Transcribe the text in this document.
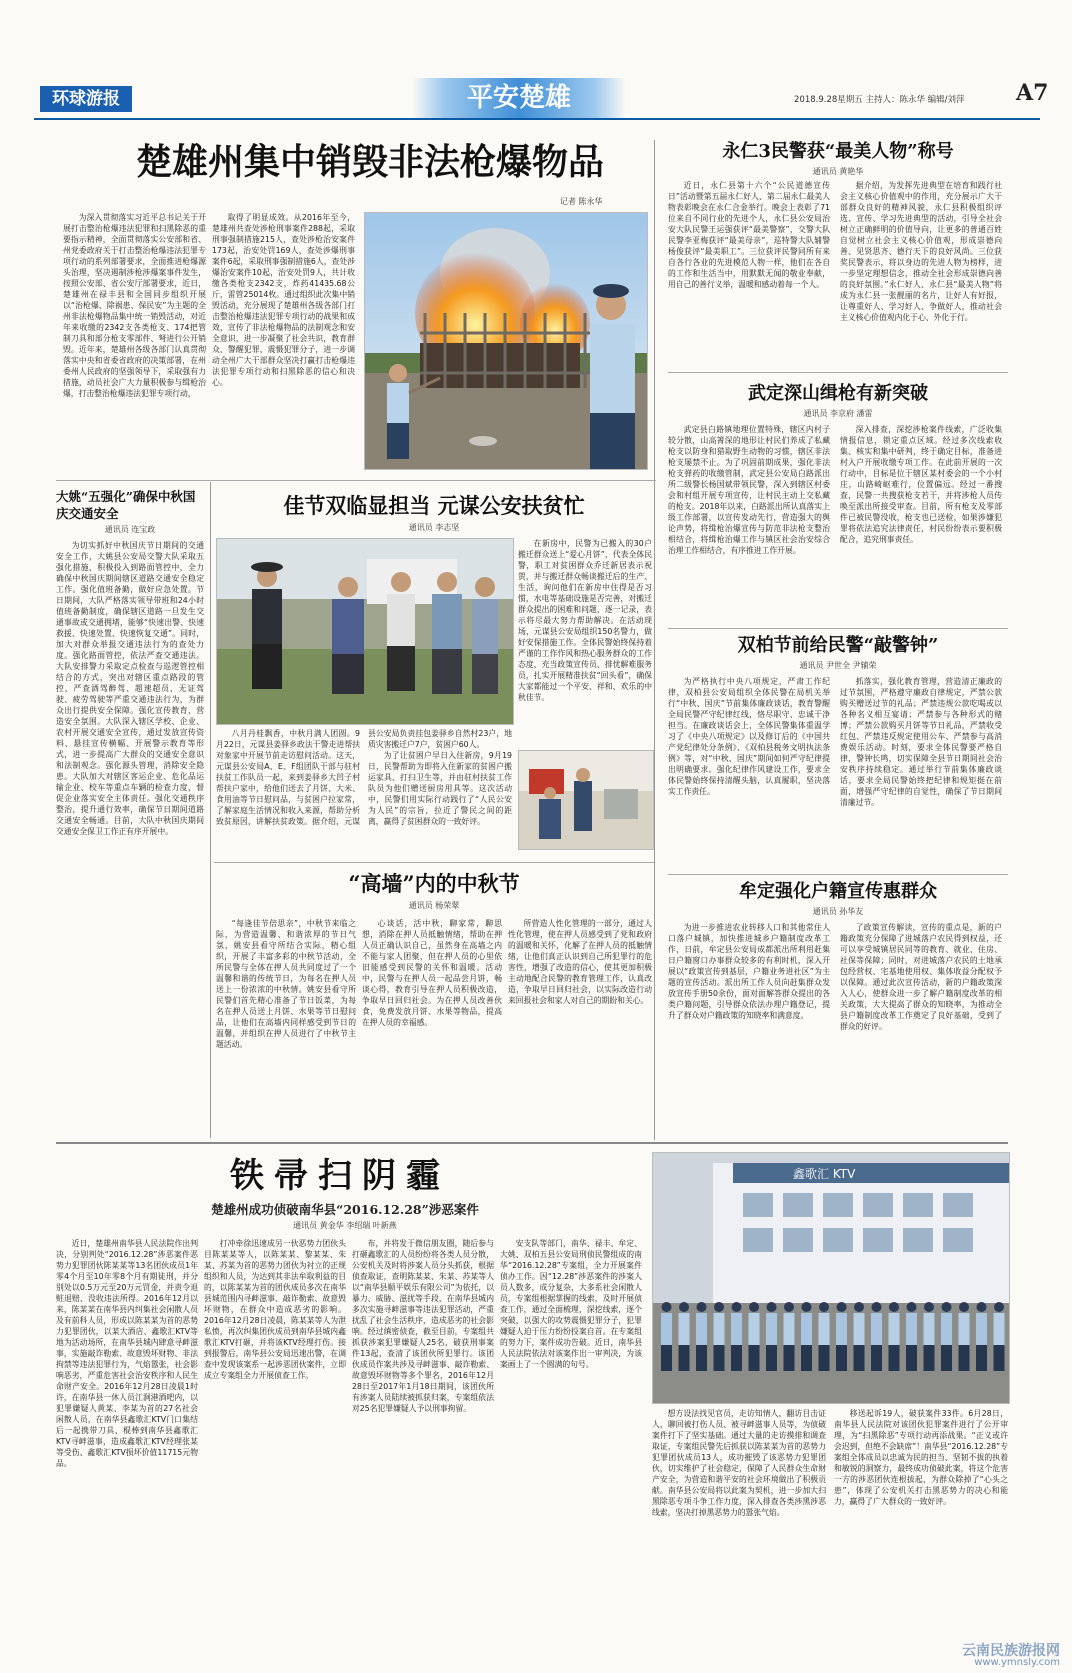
环球游报	平安楚雄	2018.9.28星期五 主持人：陈永华 编辑/刘萍	A7
楚雄州集中销毁非法枪爆物品
记者 陈永华

为深入贯彻落实习近平总书记关于开展打击整治枪爆违法犯罪和扫黑除恶的重要指示精神，全面贯彻落实公安部和省、州党委政府关于打击整治枪爆违法犯罪专项行动的系列部署要求，全面推进枪爆源头治理，坚决遏制涉枪涉爆案事件发生，按照公安部、省公安厅部署要求，近日，楚雄州在禄丰县和全国同步组织开展以“治枪爆、除祸患、保民安”为主题的全州非法枪爆物品集中统一销毁活动，对近年来收缴的2342支各类枪支、174把管制刀具和部分枪支零部件、弩进行公开销毁。近年来，楚雄州各级各部门认真贯彻落实中央和省委省政府的决策部署，在州委州人民政府的坚强领导下，采取强有力措施，动员社会广大力量积极参与缉枪治爆，打击整治枪爆违法犯罪专项行动，

取得了明显成效。从2016年至今，楚雄州共查处涉枪刑事案件288起，采取刑事强制措施215人，查处涉枪治安案件173起，治安处罚169人，查处涉爆刑事案件6起，采取刑事强制措施6人，查处涉爆治安案件10起，治安处罚9人，共计收缴各类枪支2342支，炸药41435.68公斤，雷管25014枚。通过组织此次集中销毁活动，充分展现了楚雄州各级各部门打击整治枪爆违法犯罪专项行动的战果和成效，宣传了非法枪爆物品的法制观念和安全意识，进一步凝聚了社会共识，教育群众、警醒犯罪，震慑犯罪分子，进一步调动全州广大干部群众坚决打赢打击枪爆违法犯罪专项行动和扫黑除恶的信心和决心。

永仁3民警获“最美人物”称号
通讯员 黄艳华

近日，永仁县第十六个“公民道德宣传日”活动暨第五届永仁好人、第二届永仁最美人物表彰晚会在永仁合金举行。晚会上表彰了71位来自不同行业的先进个人，永仁县公安局治安大队民警王运强获评“最美警察”，交警大队民警李亚梅获评“最美母亲”，巡特警大队辅警杨俊获评“最美职工”。三位获评民警同所有来自各行各业的先进模范人物一样，他们在各自的工作和生活当中，用默默无闻的敬业奉献，用自己的善行义举，温暖和感动着每一个人。

据介绍，为发挥先进典型在培育和践行社会主义核心价值观中的作用，充分展示广大干部群众良好的精神风貌，永仁县积极组织评选、宣传、学习先进典型的活动，引导全社会树立正确鲜明的价值导向，让更多的普通百姓自觉树立社会主义核心价值观，形成崇德向善、见贤思齐、德行天下的良好风尚。三位获奖民警表示，将以身边的先进人物为榜样，进一步坚定理想信念，推动全社会形成崇德向善的良好氛围。”永仁好人、永仁县“最美人物”将成为永仁县一张靓丽的名片，让好人有好报，让尊重好人、学习好人、争做好人，推动社会主义核心价值观内化于心、外化于行。

武定深山缉枪有新突破
通讯员 李京府 潘雷

武定县白路镇地理位置特殊，辖区内村子较分散，山高箐深的地形让村民们养成了私藏枪支以防身和猎取野生动物的习惯，辖区非法枪支屡禁不止。为了巩固前期成果，强化非法枪支弹药的收缴管制，武定县公安局白路派出所二级警长杨国斌带领民警，深入到辖区村委会和村组开展专项宣传，让村民主动上交私藏的枪支。2018年以来，白路派出所认真落实上级工作部署，以宣传发动先行，营造强大的舆论声势，将缉枪治爆宣传与防范非法枪支整治相结合，将缉枪治爆工作与镇区社会治安综合治理工作相结合，有序推进工作开展。

深入排查，深挖涉枪案件线索，广泛收集情报信息，锁定重点区域。经过多次线索收集、核实和集中研判，终于确定目标，准备进村入户开展收缴专项工作。在此前开展的一次行动中，目标是位于辖区某村委会的一个小村庄，山路崎岖难行，位置偏远。经过一番搜查，民警一共搜获枪支若干，并将涉枪人员传唤至派出所接受审查。目前，所有枪支及零部件已被民警没收，枪支也已送检，如果涉嫌犯罪将依法追究法律责任，村民纷纷表示要积极配合，追究刑事责任。

双柏节前给民警“敲警钟”
通讯员 尹世全 尹辅荣

为严格执行中央八项规定，严肃工作纪律，双柏县公安局组织全体民警在局机关举行“中秋、国庆”节前集体廉政谈话，教育警醒全局民警严守纪律红线，恪尽职守、忠诚干净担当。在廉政谈话会上，全体民警集体重温学习了《中央八项规定》以及修订后的《中国共产党纪律处分条例》、《双柏县税务文明执法条例》等，对“中秋、国庆”期间如何严守纪律提出明确要求。强化纪律作风建设工作，要求全体民警始终保持清醒头脑，认真履职，坚决落实工作责任。

抓落实，强化教育管理，营造清正廉政的过节氛围，严格遵守廉政自律规定，严禁公款购买赠送过节的礼品；严禁违规公款吃喝或以各种名义相互宴请；严禁参与各种形式的赌博；严禁公款购买月饼等节日礼品，严禁收受红包、严禁违反规定使用公车、严禁参与高消费娱乐活动。时刻，要求全体民警要严格自律，警钟长鸣，切实保障全县节日期间社会治安秩序持续稳定。通过举行节前集体廉政谈话，要求全局民警始终把纪律和规矩挺在前面，增强严守纪律的自觉性，确保了节日期间清廉过节。

牟定强化户籍宣传惠群众
通讯员 孙华友

为进一步推进农业转移人口和其他常住人口落户城镇，加快推进城乡户籍制度改革工作，日前，牟定县公安局成都派出所利用赶集日户籍窗口办事群众较多的有利时机，深入开展以“政策宣传到基层，户籍业务进社区”为主题的宣传活动。派出所工作人员向赶集群众发放宣传手册50余份，面对面解答群众提出的各类户籍问题，引导群众依法办理户籍登记，提升了群众对户籍政策的知晓率和满意度。

了政策宣传解读，宣传的重点是，新的户籍政策充分保障了进城落户农民得到权益，还可以享受城镇居民同等的教育、就业、住房、社保等保障；同时，对进城落户农民的土地承包经营权、宅基地使用权、集体收益分配权予以保障。通过此次宣传活动，新的户籍政策深入人心，使群众进一步了解户籍制度改革的相关政策，大大提高了群众的知晓率，为推动全县户籍制度改革工作奠定了良好基础，受到了群众的好评。

大姚“五强化”确保中秋国庆交通安全
通讯员 连宝政

为切实抓好中秋国庆节日期间的交通安全工作，大姚县公安局交警大队采取五强化措施，积极投入到路面管控中，全力确保中秋国庆期间辖区道路交通安全稳定工作。强化值班备勤，做好应急处置。节日期间，大队严格落实领导带班和24小时值班备勤制度，确保辖区道路一旦发生交通事故或交通拥堵，能够“快速出警、快速救援、快速处置、快速恢复交通”。同时，加大对群众举报交通违法行为的查处力度。强化路面管控，依法严查交通违法。大队安排警力采取定点检查与巡逻管控相结合的方式，突出对辖区重点路段的管控，严查酒驾醉驾、超速超员、无证驾驶、疲劳驾驶等严重交通违法行为，为群众出行提供安全保障。强化宣传教育，营造安全氛围。大队深入辖区学校、企业、农村开展交通安全宣传，通过发放宣传资料、悬挂宣传横幅、开展警示教育等形式，进一步提高广大群众的交通安全意识和法制观念。强化源头管理，消除安全隐患。大队加大对辖区客运企业、危化品运输企业、校车等重点车辆的检查力度，督促企业落实安全主体责任。强化交通秩序整治，提升通行效率，确保节日期间道路交通安全畅通。目前，大队中秋国庆期间交通安全保卫工作正有序开展中。

佳节双临显担当 元谋公安扶贫忙
通讯员 李志坚

八月丹桂飘香，中秋月满人团圆。9月22日，元谋县姜驿乡政法干警走进帮扶对象家中开展节前走访慰问活动。这天，元谋县公安局A、E、F组团队干部与驻村扶贫工作队员一起，来到姜驿乡大凹子村帮扶户家中，给他们送去了月饼、大米、食用油等节日慰问品，与贫困户拉家常，了解家庭生活情况和收入来源，帮助分析致贫原因，讲解扶贫政策。据介绍，元谋县公安局负责挂包姜驿乡自然村23户，地质灾害搬迁户7户，贫困户60人。

为了让贫困户早日入住新房，9月19日，民警帮助为即将入住新家的贫困户搬运家具、打扫卫生等，并由驻村扶贫工作队员为他们赠送厨房用具等。这次活动中，民警们用实际行动践行了“人民公安为人民”的宗旨，拉近了警民之间的距离，赢得了贫困群众的一致好评。

在新房中，民警为已搬入的30户搬迁群众送上“爱心月饼”，代表全体民警，职工对贫困群众乔迁新居表示祝贺，并与搬迁群众畅谈搬迁后的生产、生活，询问他们在新房中住得是否习惯，水电等基础设施是否完善，对搬迁群众提出的困难和问题，逐一记录，表示将尽最大努力帮助解决。在活动现场，元谋县公安局组织150名警力，做好安保措施工作。全体民警始终保持着严谨的工作作风和热心服务群众的工作态度，充当政策宣传员、排忧解难服务员，扎实开展精准扶贫“回头看”，确保大家都能过一个平安、祥和、欢乐的中秋佳节。

“高墙”内的中秋节
通讯员 杨荣翠

“每逢佳节倍思亲”，中秋节来临之际，为营造温馨、和谐浓厚的节日气氛，姚安县看守所结合实际，精心组织，开展了丰富多彩的中秋节活动，全所民警与全体在押人员共同度过了一个温馨和谐的传统节日，为每名在押人员送上一份浓浓的中秋情。姚安县看守所民警们首先精心准备了节日饭菜，为每名在押人员送上月饼、水果等节日慰问品，让他们在高墙内同样感受到节日的温馨，并组织在押人员进行了中秋节主题活动。

心谈话，活中秋，聊家常，聊思想，消除在押人员抵触情绪，帮助在押人员正确认识自己，虽然身在高墙之内不能与家人团聚，但在押人员的心里依旧能感受到民警的关怀和温暖。活动中，民警与在押人员一起品尝月饼，畅谈心得，教育引导在押人员积极改造，争取早日回归社会。为在押人员改善伙食，免费发放月饼、水果等物品，提高在押人员的幸福感。

所营造人性化管理的一部分，通过人性化管理，使在押人员感受到了党和政府的温暖和关怀，化解了在押人员的抵触情绪，让他们真正认识到自己所犯罪行的危害性，增强了改造的信心，使其更加积极主动地配合民警的教育管理工作，认真改造，争取早日回归社会，以实际改造行动来回报社会和家人对自己的期盼和关心。

铁帚扫阴霾
楚雄州成功侦破南华县“2016.12.28”涉恶案件
通讯员 黄金华 李绍瑞 叶新燕

近日，楚雄州南华县人民法院作出判决，分别判处“2016.12.28”涉恶案件恶势力犯罪团伙陈某某等13名团伙成员1年零4个月至10年零8个月有期徒刑，并分别处以0.5万元至20万元罚金，并责令退赃退赔、没收违法所得。2016年12月以来，陈某某在南华县内纠集社会闲散人员及有前科人员，形成以陈某某为首的恶势力犯罪团伙，以某大酒店、鑫歌汇KTV等地为活动场所，在南华县城内肆意寻衅滋事，实施敲诈勒索、故意毁坏财物、非法拘禁等违法犯罪行为，气焰嚣张，社会影响恶劣，严重危害社会治安秩序和人民生命财产安全。2016年12月28日凌晨1时许，在南华县一休人员江涧港酒吧内，以犯罪嫌疑人黄某、李某为首的27名社会闲散人员，在南华县鑫歌汇KTV门口集结后一起携带刀具、棍棒到南华县鑫歌汇KTV寻衅滋事，造成鑫歌汇KTV经理张某等受伤、鑫歌汇KTV损坏价值11715元物品。

打冲牵徐迅速成另一伙恶势力团伙头目陈某某等人，以陈某某、黎某某、朱某、苏某为首的恶势力团伙为衬立的正规组织和人员，为达到其非法牟取利益的目的，以陈某某为首的团伙成员多次在南华县城范围内寻衅滋事、敲诈勒索、故意毁坏财物，在群众中造成恶劣的影响。2016年12月28日凌晨，陈某某等人为泄私愤，再次纠集团伙成员到南华县城内鑫歌汇KTV打砸，并将该KTV经理打伤。接到报警后，南华县公安局迅速出警，在调查中发现该案系一起涉恶团伙案件，立即成立专案组全力开展侦查工作。

布，并将发于微信朋友圈，随后参与打砸鑫歌汇的人员纷纷将各类人员分散，公安机关及时将涉案人员分头抓获，根据侦查取证，查明陈某某、朱某、苏某等人以“南华县顺平娱乐有限公司”为依托，以暴力、威胁、滋扰等手段，在南华县城内多次实施寻衅滋事等违法犯罪活动，严重扰乱了社会生活秩序，造成恶劣的社会影响。经过缜密侦查，截至目前，专案组共抓获涉案犯罪嫌疑人25名，破获刑事案件13起，查清了该团伙所犯罪行。该团伙成员作案共涉及寻衅滋事、敲诈勒索、故意毁坏财物等多个罪名，2016年12月28日至2017年1月18日期间，该团伙所有涉案人员陆续被抓获归案，专案组依法对25名犯罪嫌疑人予以刑事拘留。

安支队等部门，南华、禄丰、牟定、大姚、双柏五县公安局刑侦民警组成的南华“2016.12.28”专案组，全力开展案件侦办工作。因“12.28”涉恶案件的涉案人员人数多，成分复杂，大多系社会闲散人员，专案组根据掌握的线索，及时开展侦查工作，通过全面梳理，深挖线索，逐个突破，以强大的攻势震慑犯罪分子，犯罪嫌疑人迫于压力纷纷投案自首。在专案组的努力下，案件成功告破。近日，南华县人民法院依法对该案作出一审判决，为该案画上了一个圆满的句号。

鑫歌汇 KTV

想方设法找见官员，走访知情人，翻访目击证人，聊回被打伤人员、被寻衅滋事人员等，为侦破案件打下了坚实基础。通过大量的走访摸排和调查取证，专案组民警先后抓获以陈某某为首的恶势力犯罪团伙成员13人，成功摧毁了该恶势力犯罪团伙，切实维护了社会稳定，保障了人民群众生命财产安全，为营造和谐平安的社会环境做出了积极贡献。南华县公安局将以此案为契机，进一步加大扫黑除恶专项斗争工作力度，深入排查各类涉黑涉恶线索，坚决打掉黑恶势力的嚣张气焰。

移送起诉19人，破获案件33件。6月28日，南华县人民法院对该团伙犯罪案件进行了公开审理，为“扫黑除恶”专项行动再添战果。“正义或许会迟到，但绝不会缺席”！南华县“2016.12.28”专案组全体成员以忠诚为民的担当、坚韧不拔的执着和敏锐的洞察力，最终成功侦破此案，将这个危害一方的涉恶团伙连根拔起，为群众除掉了“心头之患”，体现了公安机关打击黑恶势力的决心和能力，赢得了广大群众的一致好评。

云南民族游报网
www.ymnsly.com
